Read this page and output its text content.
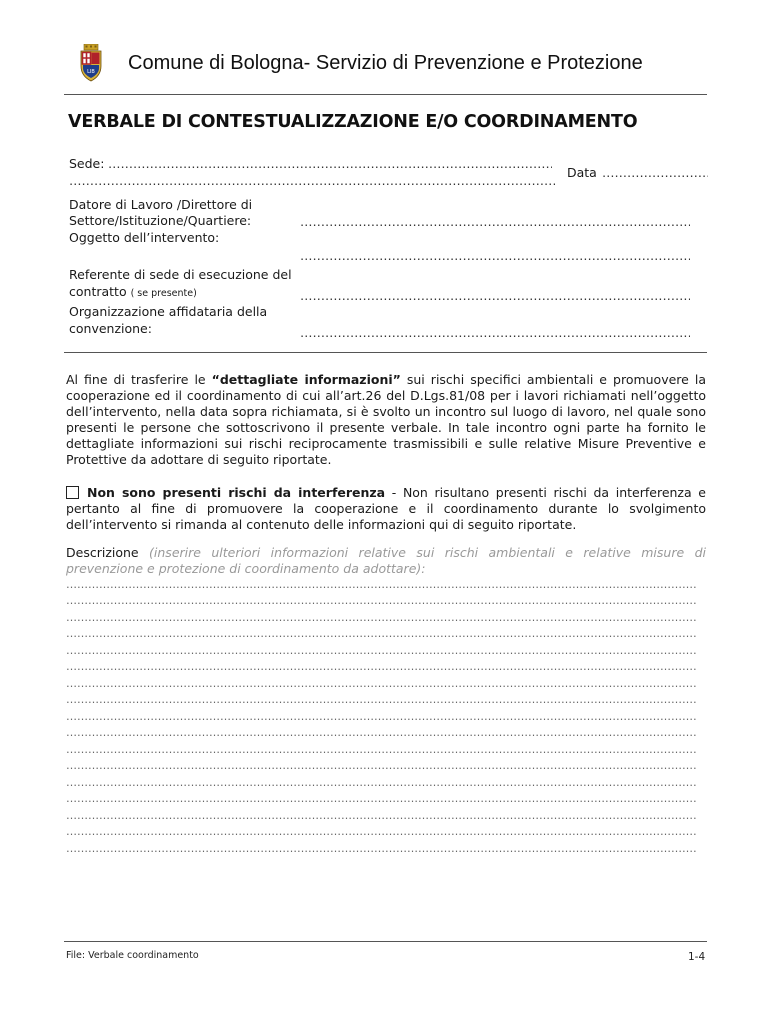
LIB Comune di Bologna- Servizio di Prevenzione e Protezione
VERBALE DI CONTESTUALIZZAZIONE E/O COORDINAMENTO
Sede:
……………………………………………………………………………………………………………………………………………………………………………………………………………………………………
……………………………………………………………………………………………………………………………………………………………………………………………………………………………………
Data
……………………………………………………………………………………………………………………………………………………………………………………………………………………………………
Datore di Lavoro /Direttore di
Settore/Istituzione/Quartiere:
……………………………………………………………………………………………………………………………………………………………………………………………………………………………………
Oggetto dell’intervento:
……………………………………………………………………………………………………………………………………………………………………………………………………………………………………
Referente di sede di esecuzione del
contratto ( se presente)
……………………………………………………………………………………………………………………………………………………………………………………………………………………………………
Organizzazione affidataria della
convenzione:
……………………………………………………………………………………………………………………………………………………………………………………………………………………………………
Al fine di trasferire le “dettagliate informazioni” sui rischi specifici ambientali e promuovere la cooperazione ed il coordinamento di cui all’art.26 del D.Lgs.81/08 per i lavori richiamati nell’oggetto dell’intervento, nella data sopra richiamata, si è svolto un incontro sul luogo di lavoro, nel quale sono presenti le persone che sottoscrivono il presente verbale. In tale incontro ogni parte ha fornito le dettagliate informazioni sui rischi reciprocamente trasmissibili e sulle relative Misure Preventive e Protettive da adottare di seguito riportate.
Non sono presenti rischi da interferenza - Non risultano presenti rischi da interferenza e pertanto al fine di promuovere la cooperazione e il coordinamento durante lo svolgimento dell’intervento si rimanda al contenuto delle informazioni qui di seguito riportate.
Descrizione (inserire ulteriori informazioni relative sui rischi ambientali e relative misure di prevenzione e protezione di coordinamento da adottare):
……………………………………………………………………………………………………………………………………………………………………………………………………………………………………
……………………………………………………………………………………………………………………………………………………………………………………………………………………………………
……………………………………………………………………………………………………………………………………………………………………………………………………………………………………
……………………………………………………………………………………………………………………………………………………………………………………………………………………………………
……………………………………………………………………………………………………………………………………………………………………………………………………………………………………
……………………………………………………………………………………………………………………………………………………………………………………………………………………………………
……………………………………………………………………………………………………………………………………………………………………………………………………………………………………
……………………………………………………………………………………………………………………………………………………………………………………………………………………………………
……………………………………………………………………………………………………………………………………………………………………………………………………………………………………
……………………………………………………………………………………………………………………………………………………………………………………………………………………………………
……………………………………………………………………………………………………………………………………………………………………………………………………………………………………
……………………………………………………………………………………………………………………………………………………………………………………………………………………………………
……………………………………………………………………………………………………………………………………………………………………………………………………………………………………
……………………………………………………………………………………………………………………………………………………………………………………………………………………………………
……………………………………………………………………………………………………………………………………………………………………………………………………………………………………
……………………………………………………………………………………………………………………………………………………………………………………………………………………………………
……………………………………………………………………………………………………………………………………………………………………………………………………………………………………
File: Verbale coordinamento	1-4
